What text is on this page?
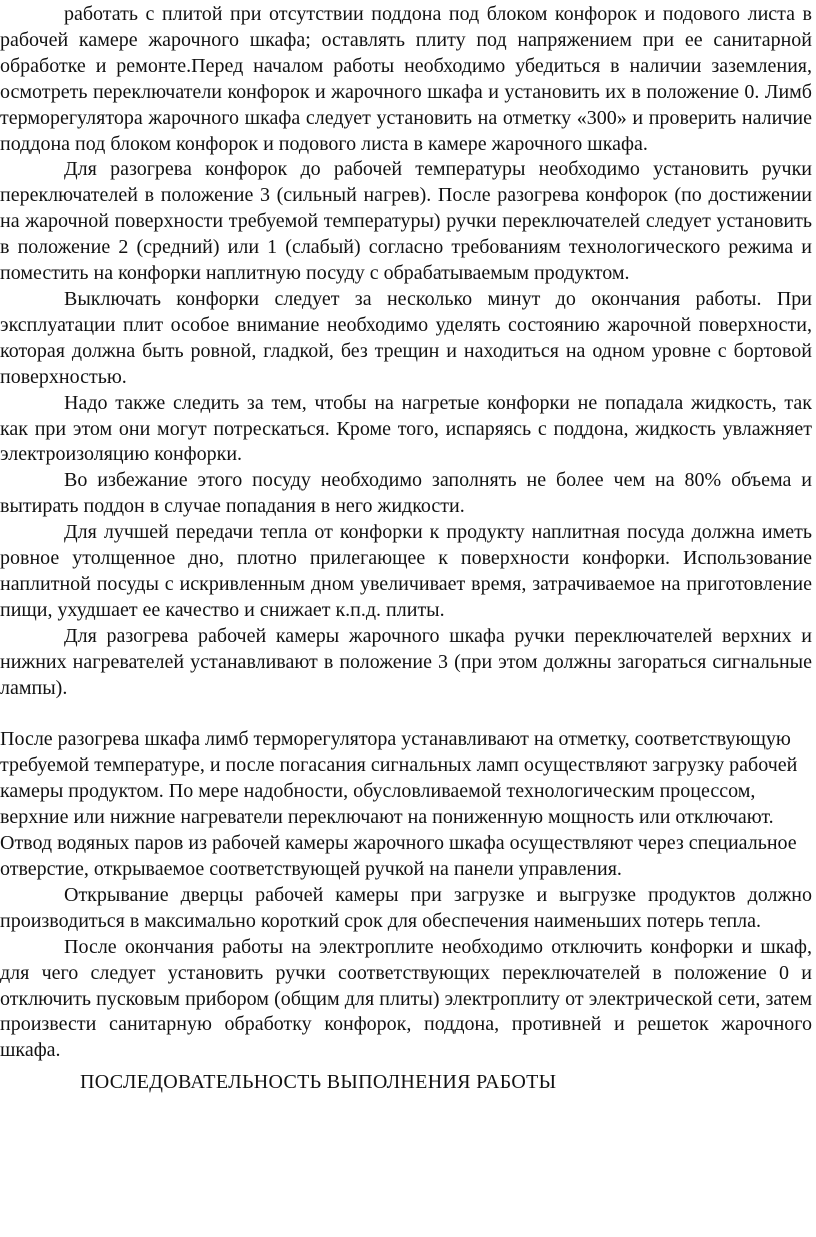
работать с плитой при отсутствии поддона под блоком конфорок и подового листа в рабочей камере жарочного шкафа; оставлять плиту под напряжением при ее санитарной обработке и ремонте.Перед началом работы необходимо убедиться в наличии заземления, осмотреть переключатели конфорок и жарочного шкафа и установить их в положение 0. Лимб терморегулятора жарочного шкафа следует установить на отметку «300» и проверить наличие поддона под блоком конфорок и подового листа в камере жарочного шкафа.

Для разогрева конфорок до рабочей температуры необходимо установить ручки переключателей в положение 3 (сильный нагрев). После разогрева конфорок (по достижении на жарочной поверхности требуемой температуры) ручки переключателей следует установить в положение 2 (средний) или 1 (слабый) согласно требованиям технологического режима и поместить на конфорки наплитную посуду с обрабатываемым продуктом.

Выключать конфорки следует за несколько минут до окончания работы. При эксплуатации плит особое внимание необходимо уделять состоянию жарочной поверхности, которая должна быть ровной, гладкой, без трещин и находиться на одном уровне с бортовой поверхностью.

Надо также следить за тем, чтобы на нагретые конфорки не попадала жидкость, так как при этом они могут потрескаться. Кроме того, испаряясь с поддона, жидкость увлажняет электроизоляцию конфорки.

Во избежание этого посуду необходимо заполнять не более чем на 80% объема и вытирать поддон в случае попадания в него жидкости.

Для лучшей передачи тепла от конфорки к продукту наплитная посуда должна иметь ровное утолщенное дно, плотно прилегающее к поверхности конфорки. Использование наплитной посуды с искривленным дном увеличивает время, затрачиваемое на приготовление пищи, ухудшает ее качество и снижает к.п.д. плиты.

Для разогрева рабочей камеры жарочного шкафа ручки переключателей верхних и нижних нагревателей устанавливают в положение 3 (при этом должны загораться сигнальные лампы).

После разогрева шкафа лимб терморегулятора устанавливают на отметку, соответствующую требуемой температуре, и после погасания сигнальных ламп осуществляют загрузку рабочей камеры продуктом. По мере надобности, обусловливаемой технологическим процессом, верхние или нижние нагреватели переключают на пониженную мощность или отключают. Отвод водяных паров из рабочей камеры жарочного шкафа осуществляют через специальное отверстие, открываемое соответствующей ручкой на панели управления.

Открывание дверцы рабочей камеры при загрузке и выгрузке продуктов должно производиться в максимально короткий срок для обеспечения наименьших потерь тепла.

После окончания работы на электроплите необходимо отключить конфорки и шкаф, для чего следует установить ручки соответствующих переключателей в положение 0 и отключить пусковым прибором (общим для плиты) электроплиту от электрической сети, затем произвести санитарную обработку конфорок, поддона, противней и решеток жарочного шкафа.

ПОСЛЕДОВАТЕЛЬНОСТЬ ВЫПОЛНЕНИЯ РАБОТЫ
